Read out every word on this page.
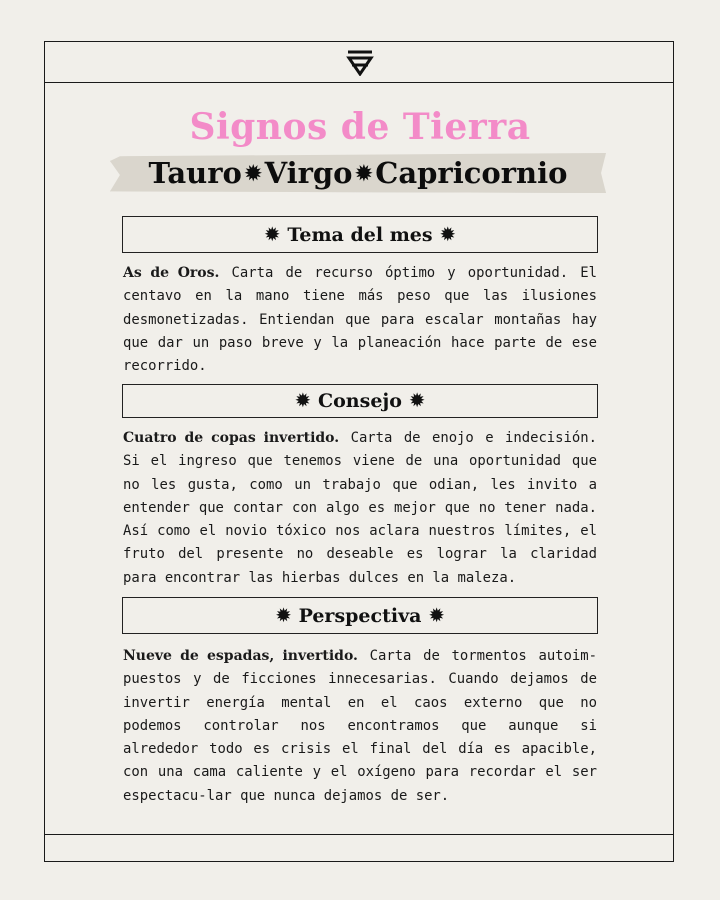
Signos de Tierra
Tauro ✹ Virgo ✹ Capricornio
✹ Tema del mes ✹

As de Oros. Carta de recurso óptimo y oportunidad. El centavo en la mano tiene más peso que las ilusiones desmonetizadas. Entiendan que para escalar montañas hay que dar un paso breve y la planeación hace parte de ese recorrido.

✹ Consejo ✹

Cuatro de copas invertido. Carta de enojo e indecisión. Si el ingreso que tenemos viene de una oportunidad que no les gusta, como un trabajo que odian, les invito a entender que contar con algo es mejor que no tener nada. Así como el novio tóxico nos aclara nuestros límites, el fruto del presente no deseable es lograr la claridad para encontrar las hierbas dulces en la maleza.

✹ Perspectiva ✹

Nueve de espadas, invertido. Carta de tormentos autoim-puestos y de ficciones innecesarias. Cuando dejamos de invertir energía mental en el caos externo que no podemos controlar nos encontramos que aunque si alrededor todo es crisis el final del día es apacible, con una cama caliente y el oxígeno para recordar el ser espectacu-lar que nunca dejamos de ser.
